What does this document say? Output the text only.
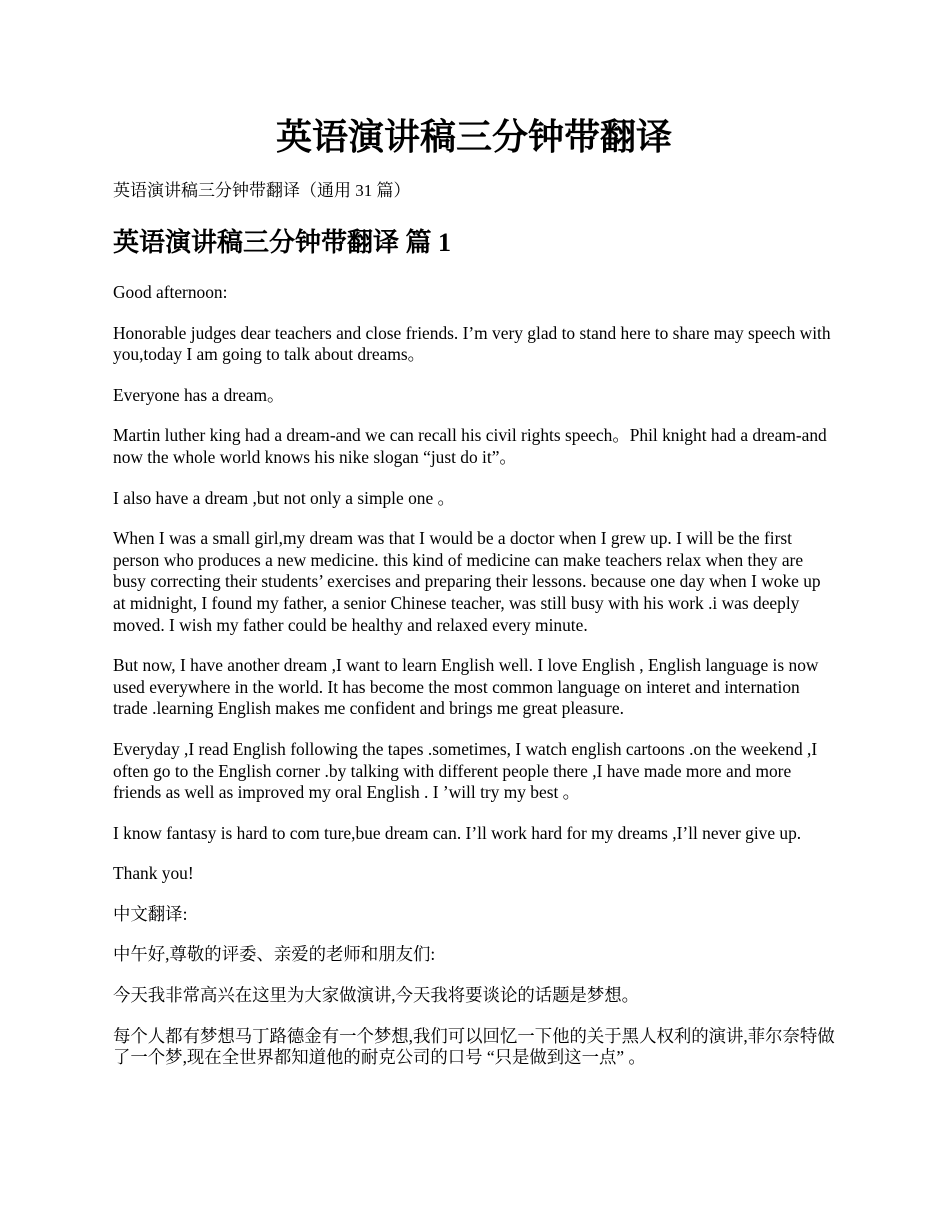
英语演讲稿三分钟带翻译

英语演讲稿三分钟带翻译（通用 31 篇）

英语演讲稿三分钟带翻译 篇 1

Good afternoon:

Honorable judges dear teachers and close friends. I’m very glad to stand here to share may speech with you,today I am going to talk about dreams。

Everyone has a dream。

Martin luther king had a dream-and we can recall his civil rights speech。Phil knight had a dream-and now the whole world knows his nike slogan “just do it”。

I also have a dream ,but not only a simple one 。

When I was a small girl,my dream was that I would be a doctor when I grew up. I will be the first person who produces a new medicine. this kind of medicine can make teachers relax when they are busy correcting their students’ exercises and preparing their lessons. because one day when I woke up at midnight, I found my father, a senior Chinese teacher, was still busy with his work .i was deeply moved. I wish my father could be healthy and relaxed every minute.

But now, I have another dream ,I want to learn English well. I love English , English language is now used everywhere in the world. It has become the most common language on interet and internation trade .learning English makes me confident and brings me great pleasure.

Everyday ,I read English following the tapes .sometimes, I watch english cartoons .on the weekend ,I often go to the English corner .by talking with different people there ,I have made more and more friends as well as improved my oral English . I ’will try my best 。

I know fantasy is hard to com ture,bue dream can. I’ll work hard for my dreams ,I’ll never give up.

Thank you!

中文翻译:

中午好,尊敬的评委、亲爱的老师和朋友们:

今天我非常高兴在这里为大家做演讲,今天我将要谈论的话题是梦想。

每个人都有梦想马丁路德金有一个梦想,我们可以回忆一下他的关于黑人权利的演讲,菲尔奈特做了一个梦,现在全世界都知道他的耐克公司的口号 “只是做到这一点” 。
